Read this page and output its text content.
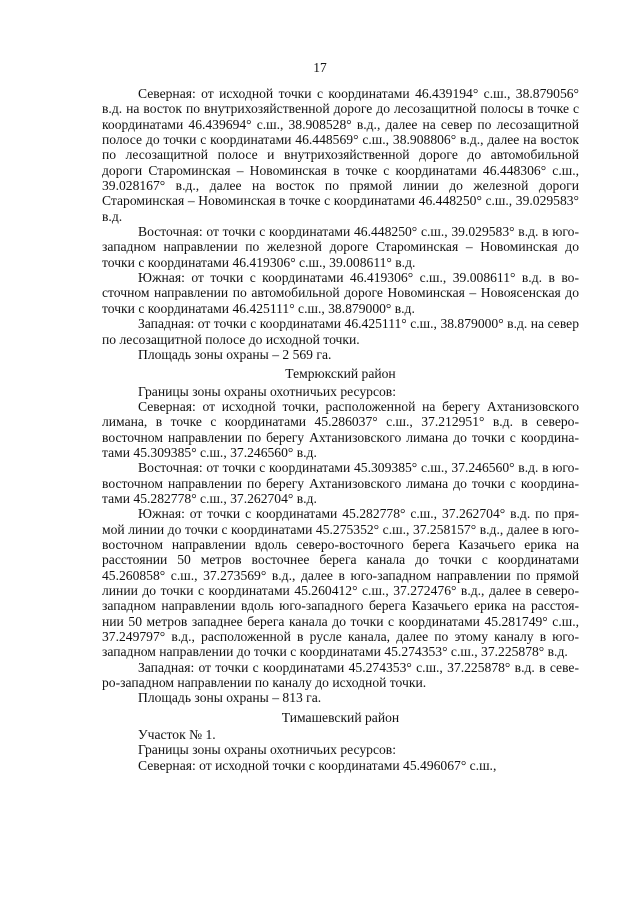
17

Северная: от исходной точки с координатами 46.439194° с.ш., 38.879056° в.д. на восток по внутрихозяйственной дороге до лесозащитной полосы в точке с координатами 46.439694° с.ш., 38.908528° в.д., далее на север по лесозащитной полосе до точки с координатами 46.448569° с.ш., 38.908806° в.д., далее на восток по лесозащитной полосе и внутрихозяйственной дороге до автомобильной дороги Староминская – Новоминская в точке с координатами 46.448306° с.ш., 39.028167° в.д., далее на восток по прямой линии до железной дороги Староминская – Новоминская в точке с координатами 46.448250° с.ш., 39.029583° в.д.

Восточная: от точки с координатами 46.448250° с.ш., 39.029583° в.д. в юго-западном направлении по железной дороге Староминская – Новоминская до точки с координатами 46.419306° с.ш., 39.008611° в.д.

Южная: от точки с координатами 46.419306° с.ш., 39.008611° в.д. в восточном направлении по автомобильной дороге Новоминская – Новоясенская до точки с координатами 46.425111° с.ш., 38.879000° в.д.

Западная: от точки с координатами 46.425111° с.ш., 38.879000° в.д. на север по лесозащитной полосе до исходной точки.

Площадь зоны охраны – 2 569 га.

Темрюкский район

Границы зоны охраны охотничьих ресурсов:

Северная: от исходной точки, расположенной на берегу Ахтанизовского лимана, в точке с координатами 45.286037° с.ш., 37.212951° в.д. в северо-восточном направлении по берегу Ахтанизовского лимана до точки с координатами 45.309385° с.ш., 37.246560° в.д.

Восточная: от точки с координатами 45.309385° с.ш., 37.246560° в.д. в юго-восточном направлении по берегу Ахтанизовского лимана до точки с координатами 45.282778° с.ш., 37.262704° в.д.

Южная: от точки с координатами 45.282778° с.ш., 37.262704° в.д. по прямой линии до точки с координатами 45.275352° с.ш., 37.258157° в.д., далее в юго-восточном направлении вдоль северо-восточного берега Казачьего ерика на расстоянии 50 метров восточнее берега канала до точки с координатами 45.260858° с.ш., 37.273569° в.д., далее в юго-западном направлении по прямой линии до точки с координатами 45.260412° с.ш., 37.272476° в.д., далее в северо-западном направлении вдоль юго-западного берега Казачьего ерика на расстоянии 50 метров западнее берега канала до точки с координатами 45.281749° с.ш., 37.249797° в.д., расположенной в русле канала, далее по этому каналу в юго-западном направлении до точки с координатами 45.274353° с.ш., 37.225878° в.д.

Западная: от точки с координатами 45.274353° с.ш., 37.225878° в.д. в северо-западном направлении по каналу до исходной точки.

Площадь зоны охраны – 813 га.

Тимашевский район

Участок № 1.

Границы зоны охраны охотничьих ресурсов:

Северная: от исходной точки с координатами 45.496067° с.ш.,
